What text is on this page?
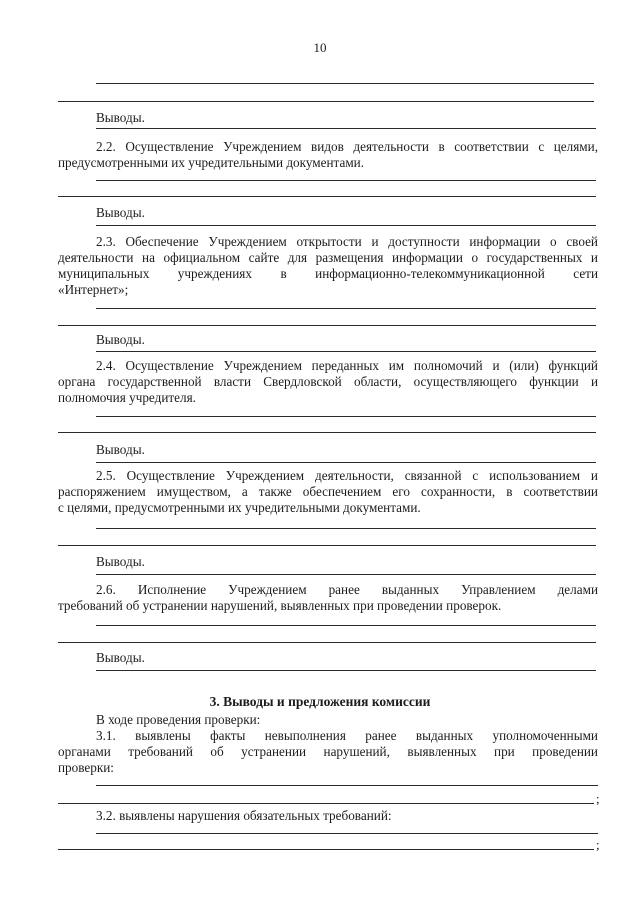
10
Выводы.
2.2. Осуществление Учреждением видов деятельности в соответствии с целями,
предусмотренными их учредительными документами.
Выводы.
2.3. Обеспечение Учреждением открытости и доступности информации о своей
деятельности на официальном сайте для размещения информации о государственных и
муниципальных учреждениях в информационно-телекоммуникационной сети
«Интернет»;
Выводы.
2.4. Осуществление Учреждением переданных им полномочий и (или) функций
органа государственной власти Свердловской области, осуществляющего функции и
полномочия учредителя.
Выводы.
2.5. Осуществление Учреждением деятельности, связанной с использованием и
распоряжением имуществом, а также обеспечением его сохранности, в соответствии
с целями, предусмотренными их учредительными документами.
Выводы.
2.6. Исполнение Учреждением ранее выданных Управлением делами
требований об устранении нарушений, выявленных при проведении проверок.
Выводы.
3. Выводы и предложения комиссии
В ходе проведения проверки:
3.1. выявлены факты невыполнения ранее выданных уполномоченными
органами требований об устранении нарушений, выявленных при проведении
проверки:
;
3.2. выявлены нарушения обязательных требований:
;
